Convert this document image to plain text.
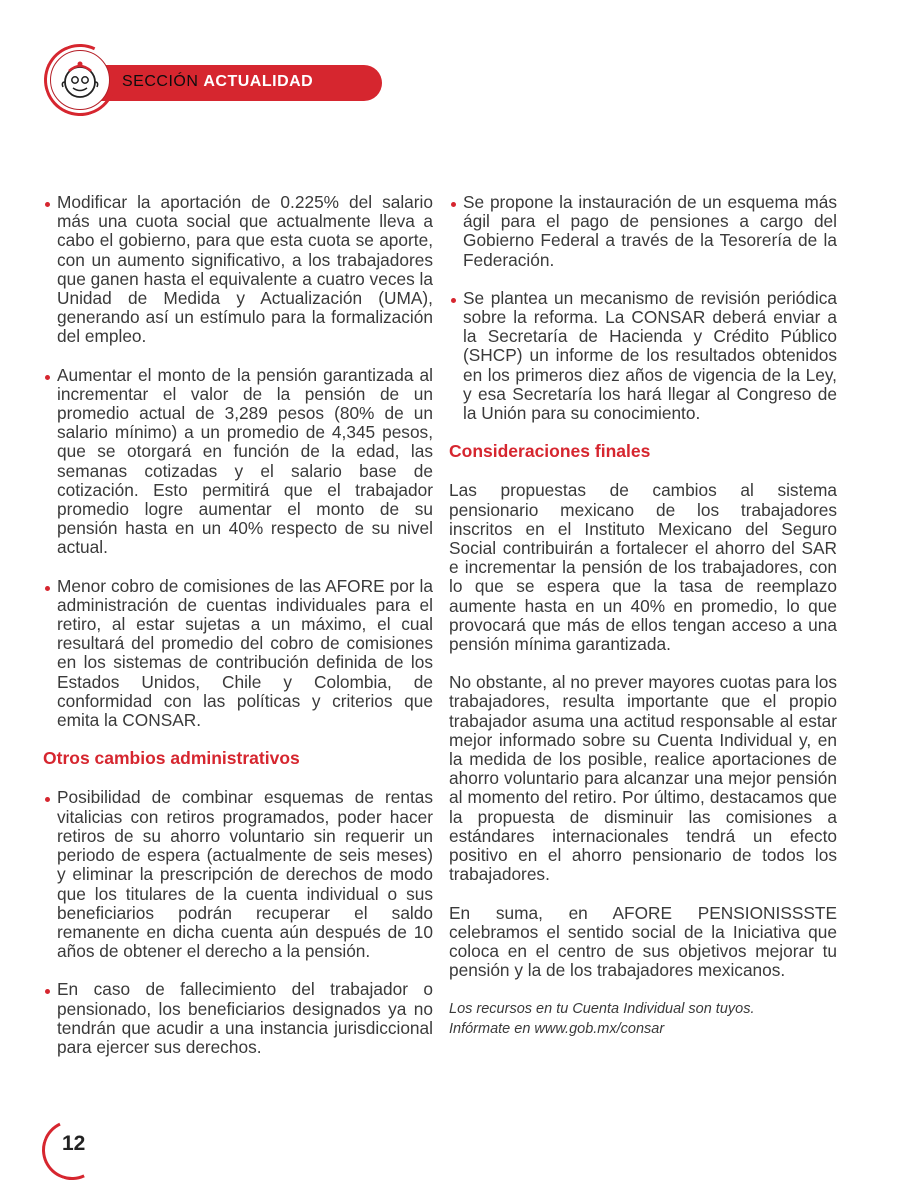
SECCIÓN ACTUALIDAD

Modificar la aportación de 0.225% del salario más una cuota social que actualmente lleva a cabo el gobierno, para que esta cuota se aporte, con un aumento significativo, a los trabajadores que ganen hasta el equivalente a cuatro veces la Unidad de Medida y Actualización (UMA), generando así un estímulo para la formalización del empleo.

Aumentar el monto de la pensión garantizada al incrementar el valor de la pensión de un promedio actual de 3,289 pesos (80% de un salario mínimo) a un promedio de 4,345 pesos, que se otorgará en función de la edad, las semanas cotizadas y el salario base de cotización. Esto permitirá que el trabajador promedio logre aumentar el monto de su pensión hasta en un 40% respecto de su nivel actual.

Menor cobro de comisiones de las AFORE por la administración de cuentas individuales para el retiro, al estar sujetas a un máximo, el cual resultará del promedio del cobro de comisiones en los sistemas de contribución definida de los Estados Unidos, Chile y Colombia, de conformidad con las políticas y criterios que emita la CONSAR.

Otros cambios administrativos

Posibilidad de combinar esquemas de rentas vitalicias con retiros programados, poder hacer retiros de su ahorro voluntario sin requerir un periodo de espera (actualmente de seis meses) y eliminar la prescripción de derechos de modo que los titulares de la cuenta individual o sus beneficiarios podrán recuperar el saldo remanente en dicha cuenta aún después de 10 años de obtener el derecho a la pensión.

En caso de fallecimiento del trabajador o pensionado, los beneficiarios designados ya no tendrán que acudir a una instancia jurisdiccional para ejercer sus derechos.

Se propone la instauración de un esquema más ágil para el pago de pensiones a cargo del Gobierno Federal a través de la Tesorería de la Federación.

Se plantea un mecanismo de revisión periódica sobre la reforma. La CONSAR deberá enviar a la Secretaría de Hacienda y Crédito Público (SHCP) un informe de los resultados obtenidos en los primeros diez años de vigencia de la Ley, y esa Secretaría los hará llegar al Congreso de la Unión para su conocimiento.

Consideraciones finales

Las propuestas de cambios al sistema pensionario mexicano de los trabajadores inscritos en el Instituto Mexicano del Seguro Social contribuirán a fortalecer el ahorro del SAR e incrementar la pensión de los trabajadores, con lo que se espera que la tasa de reemplazo aumente hasta en un 40% en promedio, lo que provocará que más de ellos tengan acceso a una pensión mínima garantizada.

No obstante, al no prever mayores cuotas para los trabajadores, resulta importante que el propio trabajador asuma una actitud responsable al estar mejor informado sobre su Cuenta Individual y, en la medida de los posible, realice aportaciones de ahorro voluntario para alcanzar una mejor pensión al momento del retiro. Por último, destacamos que la propuesta de disminuir las comisiones a estándares internacionales tendrá un efecto positivo en el ahorro pensionario de todos los trabajadores.

En suma, en AFORE PENSIONISSSTE celebramos el sentido social de la Iniciativa que coloca en el centro de sus objetivos mejorar tu pensión y la de los trabajadores mexicanos.

Los recursos en tu Cuenta Individual son tuyos.
Infórmate en www.gob.mx/consar

12
